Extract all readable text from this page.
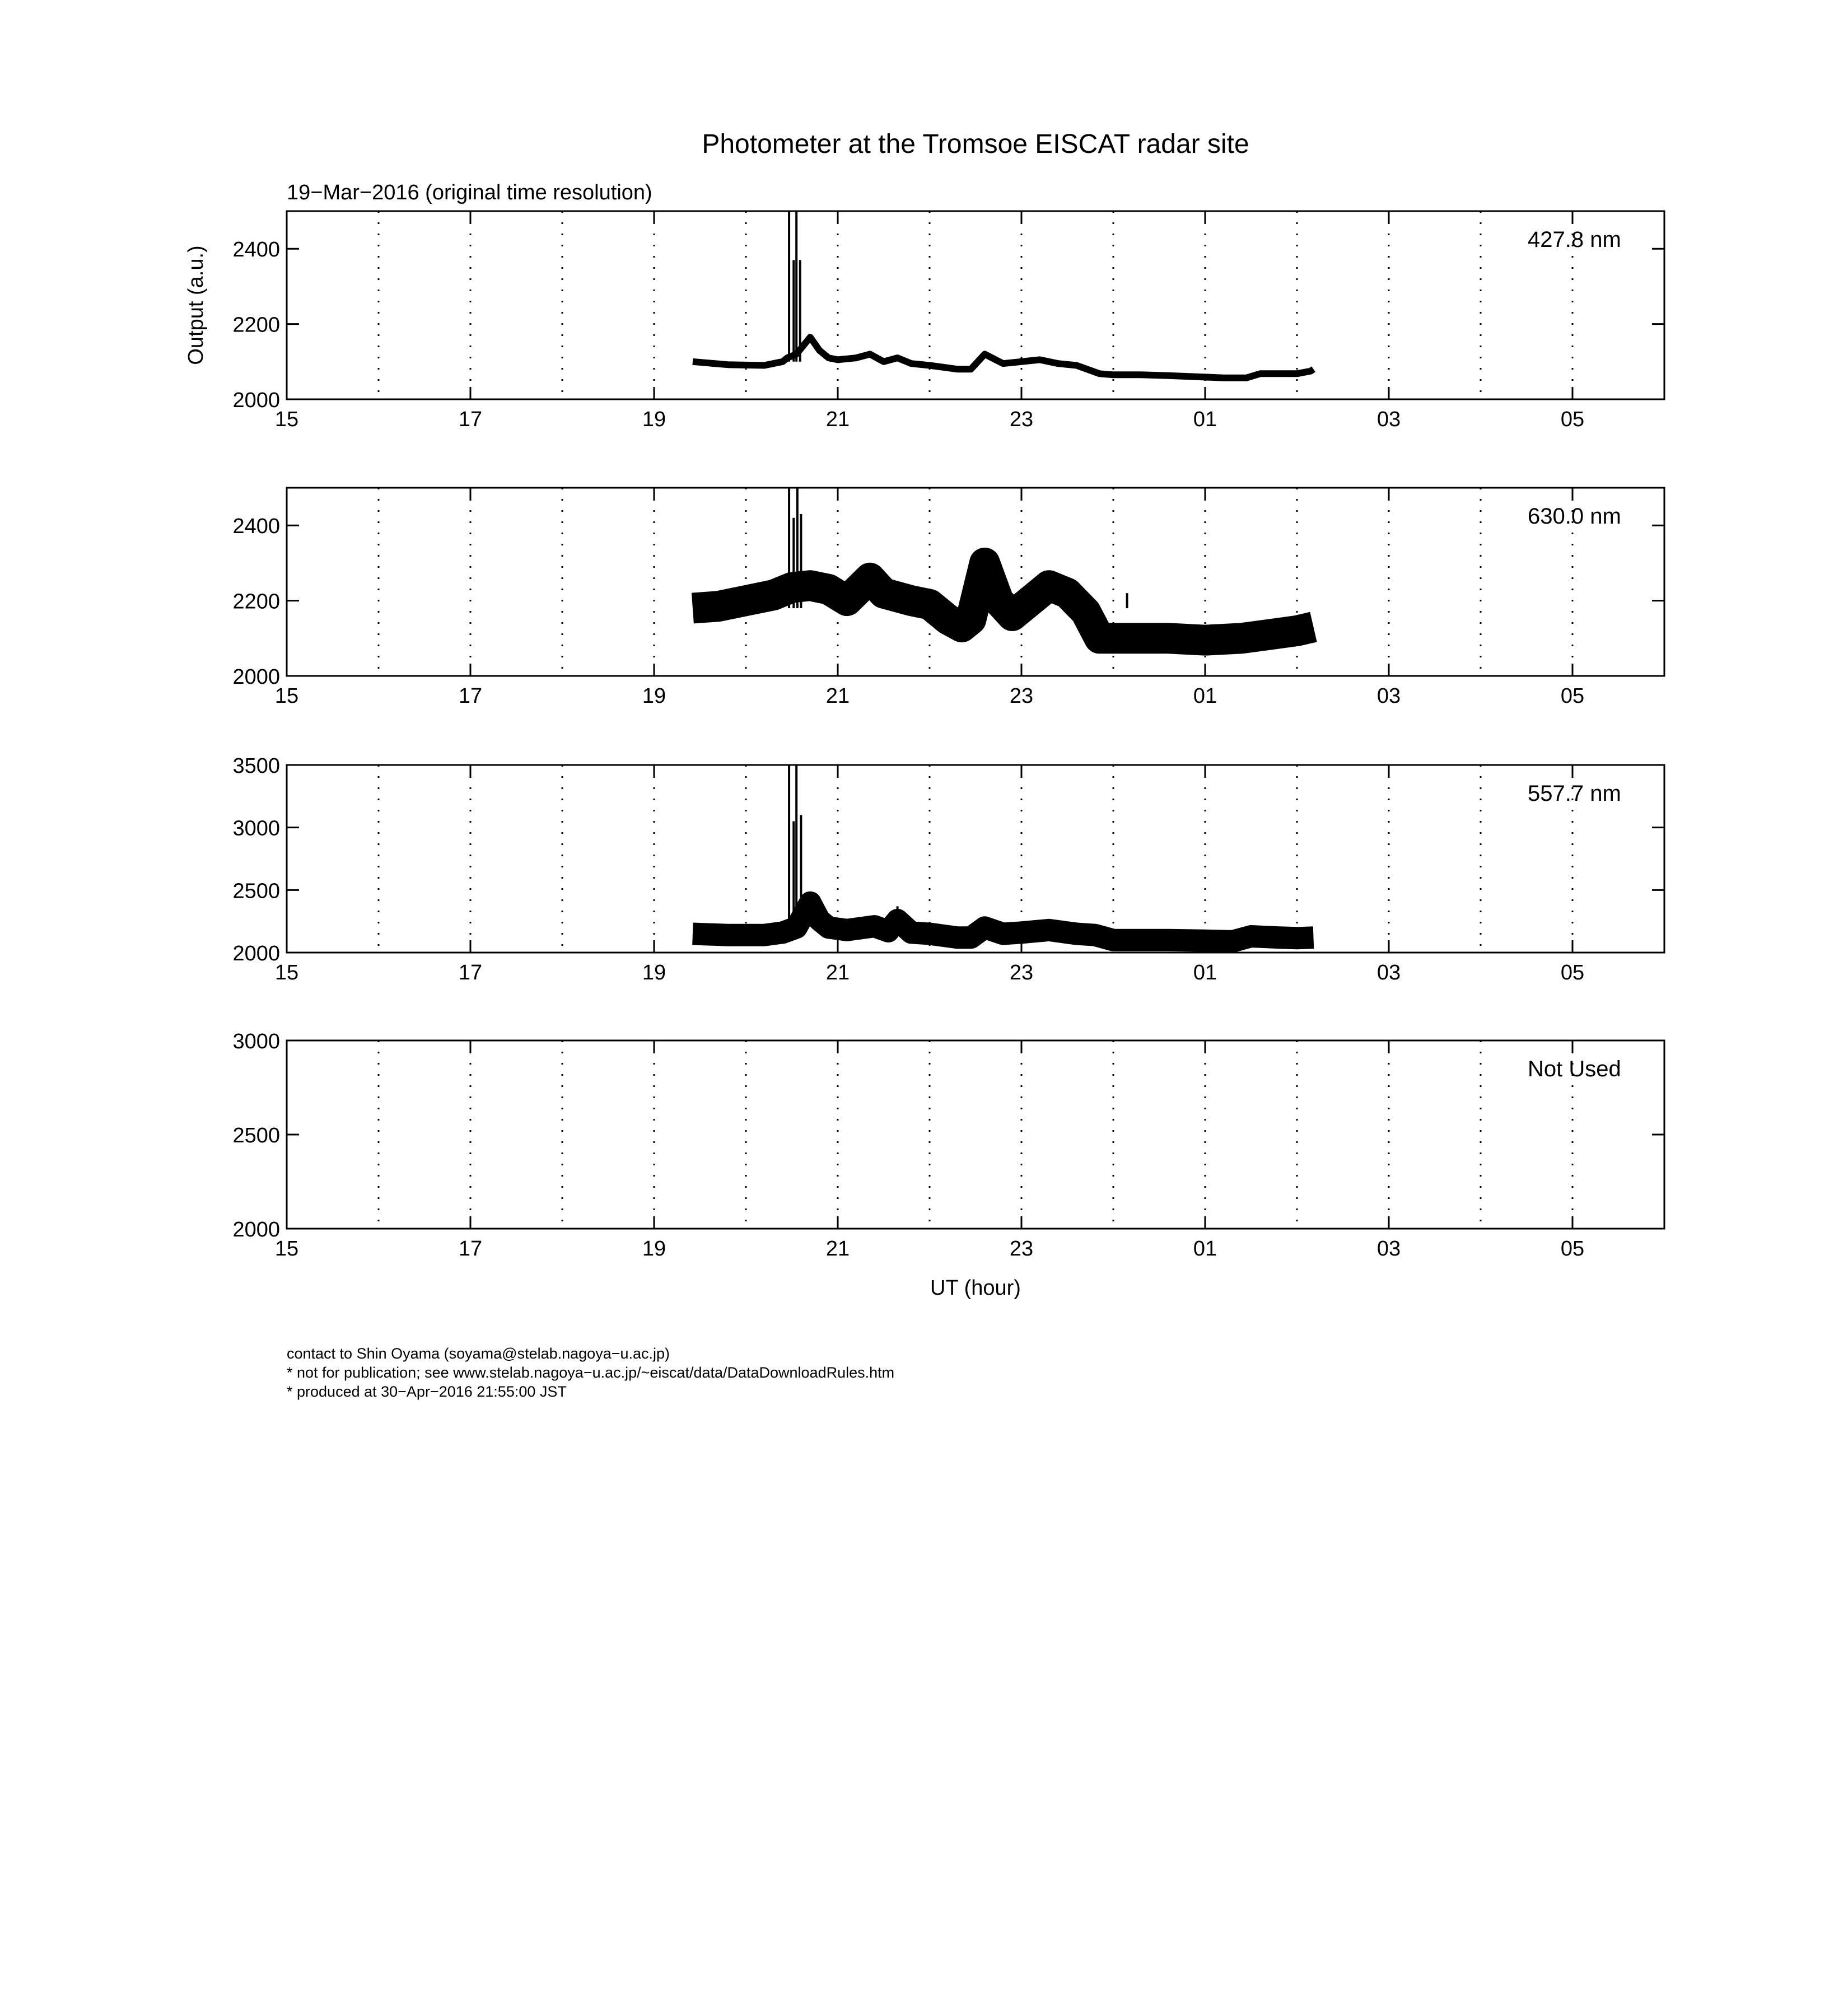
Photometer at the Tromsoe EISCAT radar site
19−Mar−2016 (original time resolution)
Output (a.u.)
UT (hour)
15	17	19	21	23	01	03	05
2000
2200
2400	427.8 nm
15	17	19	21	23	01	03	05
2000
2200
2400	630.0 nm
15	17	19	21	23	01	03	05
2000
2500
3000
3500
557.7 nm
15	17	19	21	23	01	03	05
2000
2500
3000
Not Used
contact to Shin Oyama (soyama@stelab.nagoya−u.ac.jp)
* not for publication; see www.stelab.nagoya−u.ac.jp/~eiscat/data/DataDownloadRules.htm
* produced at 30−Apr−2016 21:55:00 JST
